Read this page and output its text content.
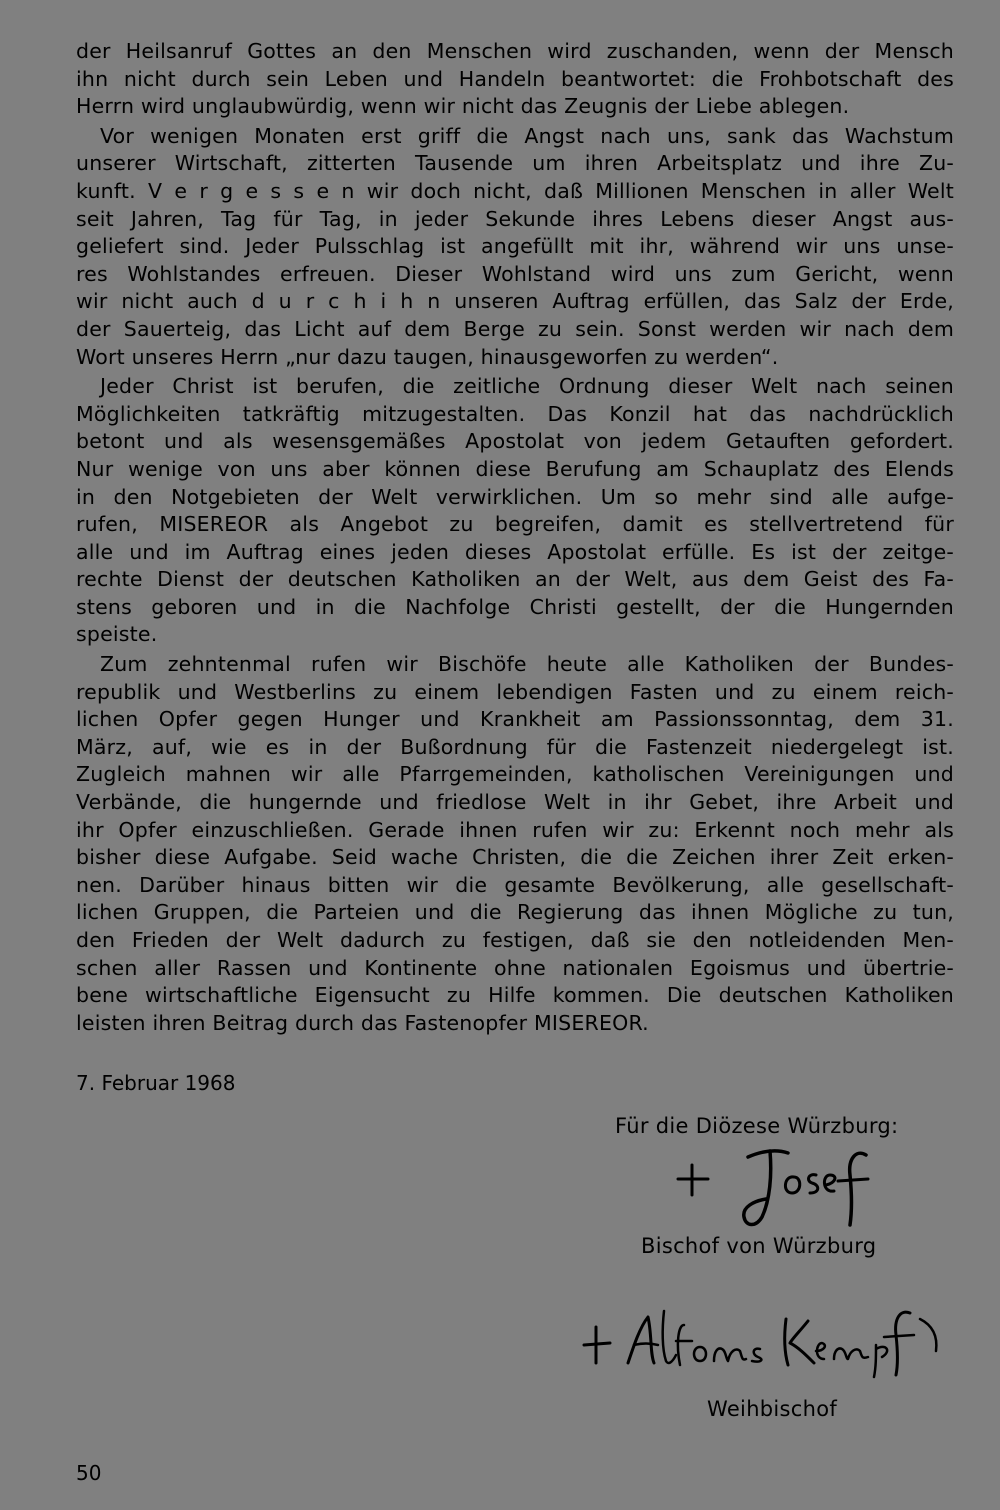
der Heilsanruf Gottes an den Menschen wird zuschanden, wenn der Mensch
ihn nicht durch sein Leben und Handeln beantwortet: die Frohbotschaft des
Herrn wird unglaubwürdig, wenn wir nicht das Zeugnis der Liebe ablegen.
Vor wenigen Monaten erst griff die Angst nach uns, sank das Wachstum
unserer Wirtschaft, zitterten Tausende um ihren Arbeitsplatz und ihre Zu-
kunft. V e r g e s s e n wir doch nicht, daß Millionen Menschen in aller Welt
seit Jahren, Tag für Tag, in jeder Sekunde ihres Lebens dieser Angst aus-
geliefert sind. Jeder Pulsschlag ist angefüllt mit ihr, während wir uns unse-
res Wohlstandes erfreuen. Dieser Wohlstand wird uns zum Gericht, wenn
wir nicht auch d u r c h i h n unseren Auftrag erfüllen, das Salz der Erde,
der Sauerteig, das Licht auf dem Berge zu sein. Sonst werden wir nach dem
Wort unseres Herrn „nur dazu taugen, hinausgeworfen zu werden“.
Jeder Christ ist berufen, die zeitliche Ordnung dieser Welt nach seinen
Möglichkeiten tatkräftig mitzugestalten. Das Konzil hat das nachdrücklich
betont und als wesensgemäßes Apostolat von jedem Getauften gefordert.
Nur wenige von uns aber können diese Berufung am Schauplatz des Elends
in den Notgebieten der Welt verwirklichen. Um so mehr sind alle aufge-
rufen, MISEREOR als Angebot zu begreifen, damit es stellvertretend für
alle und im Auftrag eines jeden dieses Apostolat erfülle. Es ist der zeitge-
rechte Dienst der deutschen Katholiken an der Welt, aus dem Geist des Fa-
stens geboren und in die Nachfolge Christi gestellt, der die Hungernden
speiste.
Zum zehntenmal rufen wir Bischöfe heute alle Katholiken der Bundes-
republik und Westberlins zu einem lebendigen Fasten und zu einem reich-
lichen Opfer gegen Hunger und Krankheit am Passionssonntag, dem 31.
März, auf, wie es in der Bußordnung für die Fastenzeit niedergelegt ist.
Zugleich mahnen wir alle Pfarrgemeinden, katholischen Vereinigungen und
Verbände, die hungernde und friedlose Welt in ihr Gebet, ihre Arbeit und
ihr Opfer einzuschließen. Gerade ihnen rufen wir zu: Erkennt noch mehr als
bisher diese Aufgabe. Seid wache Christen, die die Zeichen ihrer Zeit erken-
nen. Darüber hinaus bitten wir die gesamte Bevölkerung, alle gesellschaft-
lichen Gruppen, die Parteien und die Regierung das ihnen Mögliche zu tun,
den Frieden der Welt dadurch zu festigen, daß sie den notleidenden Men-
schen aller Rassen und Kontinente ohne nationalen Egoismus und übertrie-
bene wirtschaftliche Eigensucht zu Hilfe kommen. Die deutschen Katholiken
leisten ihren Beitrag durch das Fastenopfer MISEREOR.
7. Februar 1968
Für die Diözese Würzburg:
Bischof von Würzburg
Weihbischof
50
